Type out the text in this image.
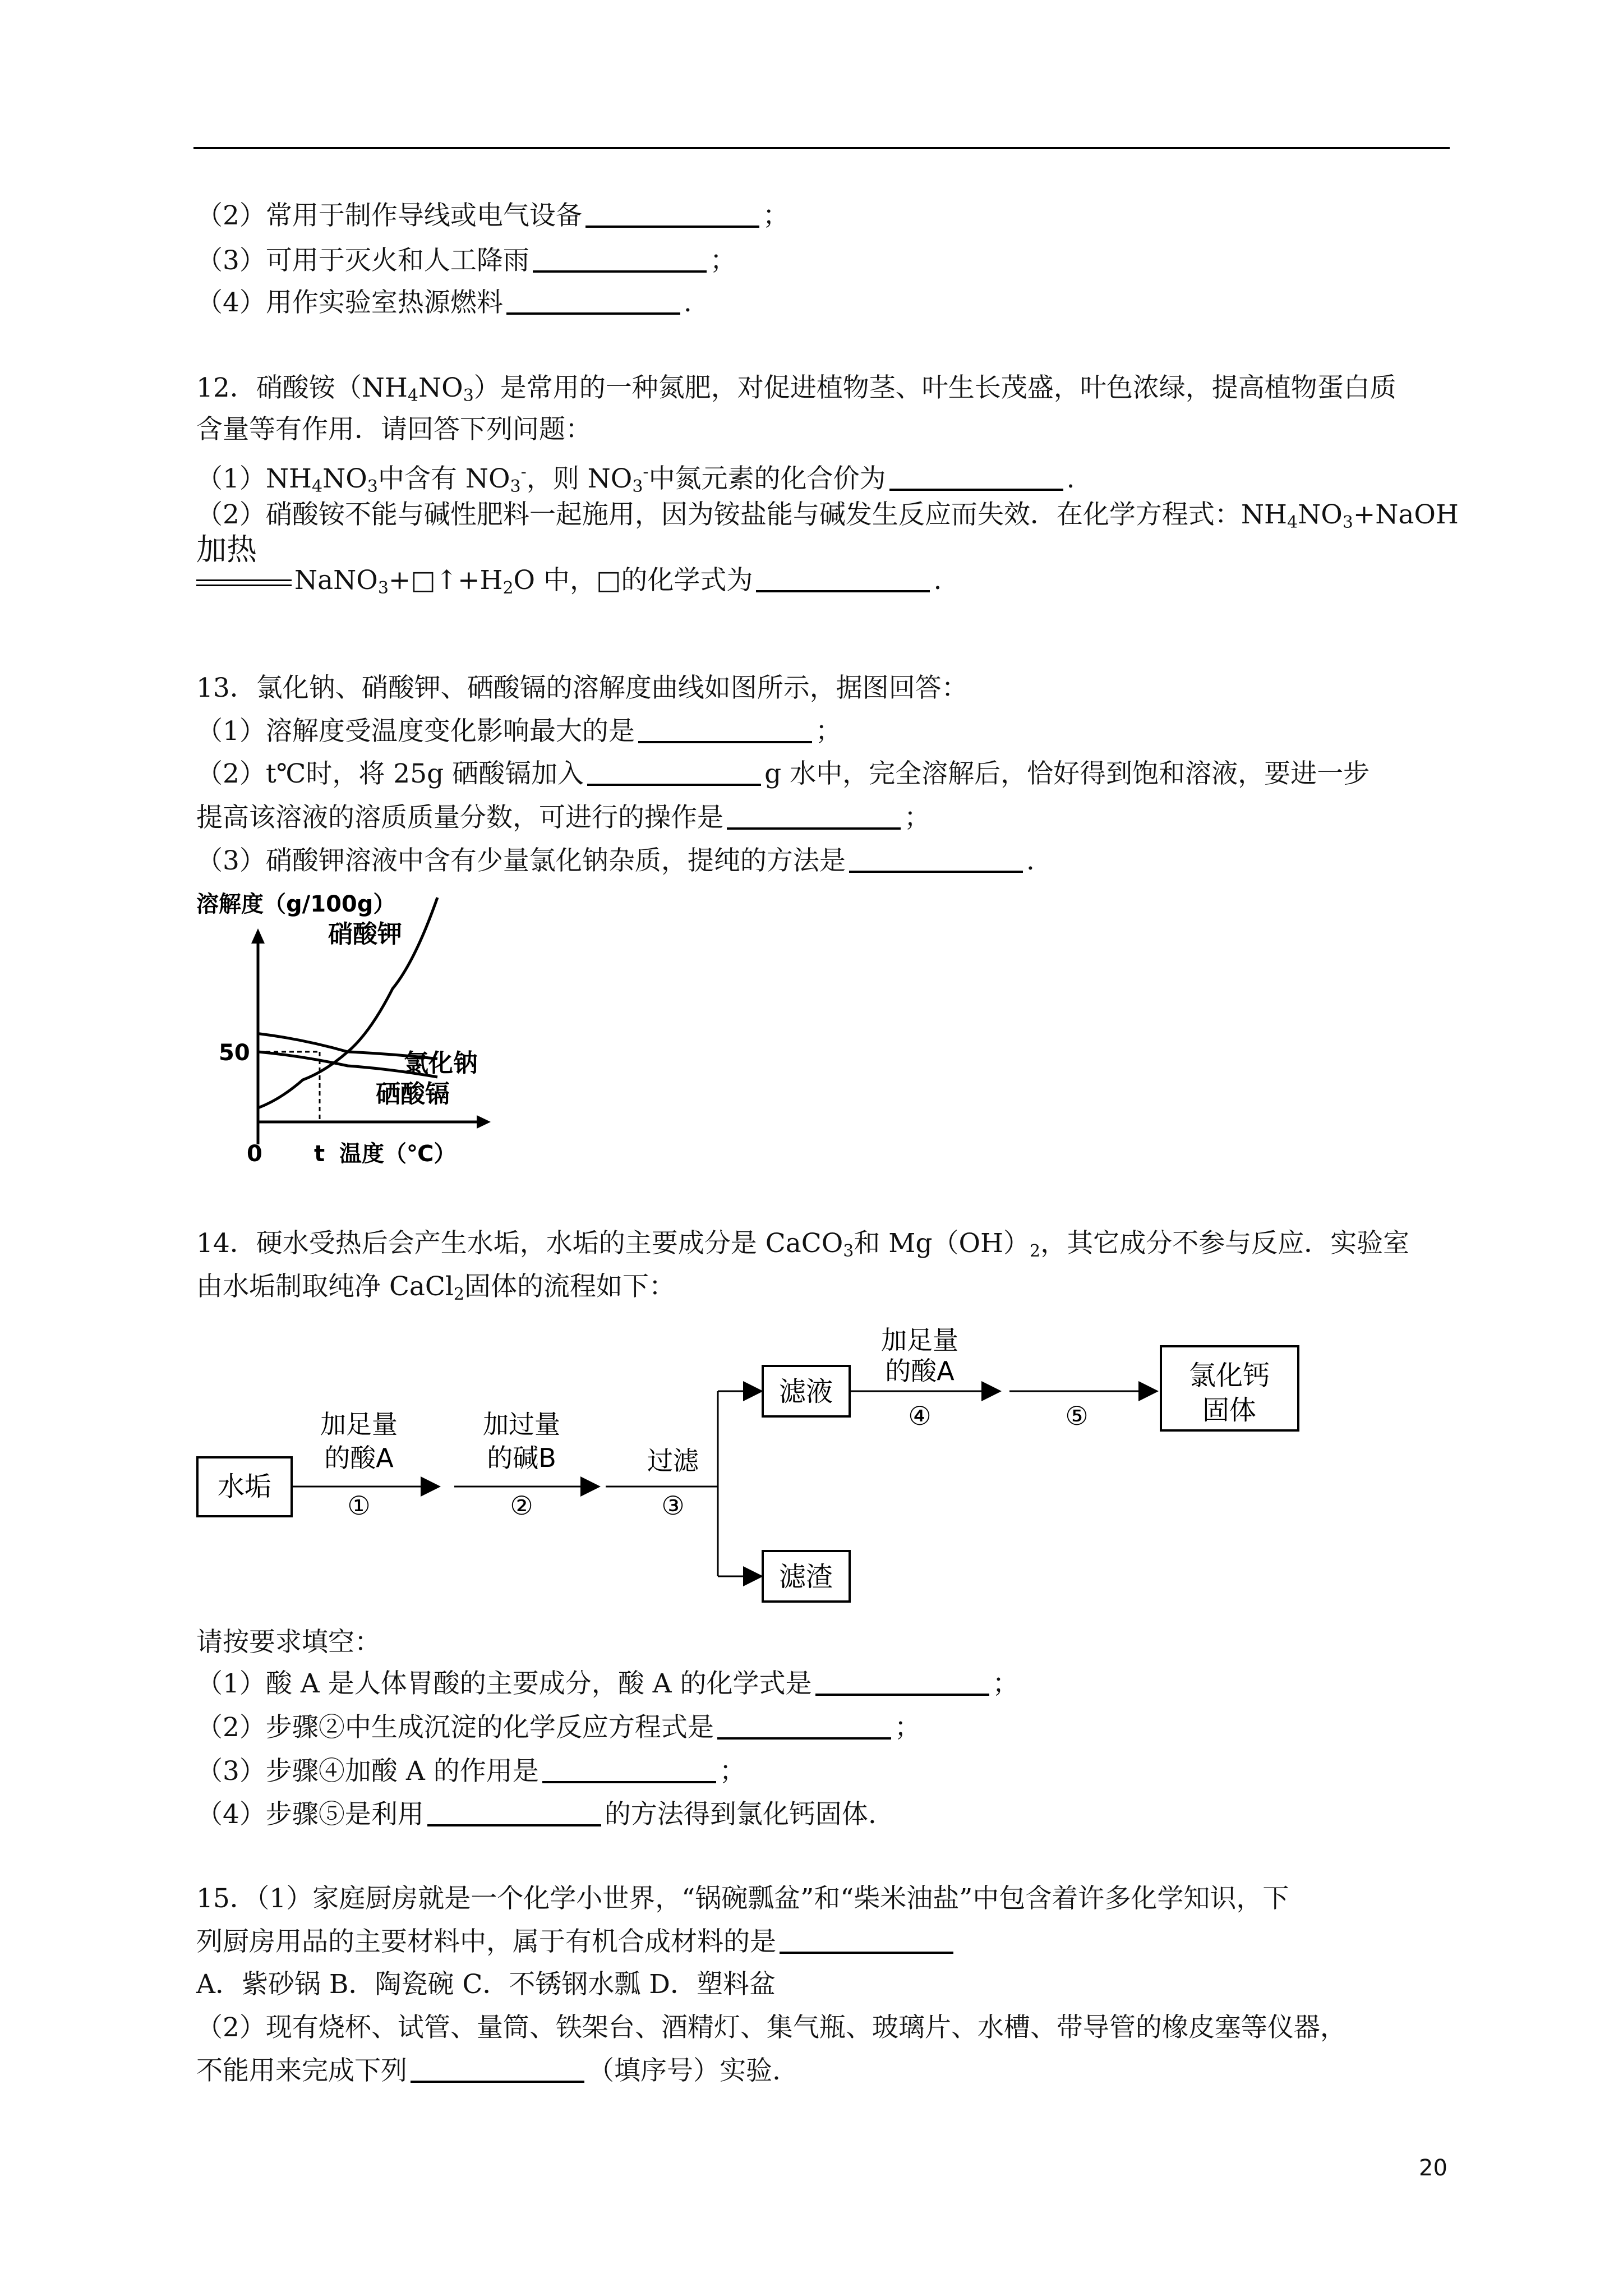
（2）常用于制作导线或电气设备	；
（3）可用于灭火和人工降雨	；
（4）用作实验室热源燃料	.
12．硝酸铵$(NH_4NO_3)$是常用的一种氮肥，对促进植物茎、叶生长茂盛，叶色浓绿，提高植物蛋白质
含量等有作用．请回答下列问题：
$(1)NH_4NO_3$中含有 $NO_3^-$，则 $NO_3^-$中氮元素的化合价为	.
（2）硝酸铵不能与碱性肥料一起施用，因为铵盐能与碱发生反应而失效．在化学方程式：$NH_4NO_3+NaOH$
加热
$NaNO_3+□↑+H_2O$ 中，□的化学式为	.
13．氯化钠、硝酸钾、硒酸镉的溶解度曲线如图所示，据图回答：
（1）溶解度受温度变化影响最大的是	；
（2）t℃时，将 25g 硒酸镉加入	g 水中，完全溶解后，恰好得到饱和溶液，要进一步
提高该溶液的溶质质量分数，可进行的操作是	；
（3）硝酸钾溶液中含有少量氯化钠杂质，提纯的方法是	.
溶解度（g/100g）
硝酸钾
氯化钠
硒酸镉
50
0 t 温度（℃）
14．硬水受热后会产生水垢，水垢的主要成分是 CaCO$_3$和 $Mg(OH)_2$，其它成分不参与反应．实验室
由水垢制取纯净 CaCl$_2$固体的流程如下：
水垢
加足量
的酸A
①
加过量
的碱B
②
过滤
③
滤液
滤渣
加足量
的酸A
④	⑤
氯化钙
固体
请按要求填空：
（1）酸 A 是人体胃酸的主要成分，酸 A 的化学式是	；
（2）步骤②中生成沉淀的化学反应方程式是	；
（3）步骤④加酸 A 的作用是	；
（4）步骤⑤是利用	的方法得到氯化钙固体.
15．（1）家庭厨房就是一个化学小世界，“锅碗瓢盆”和“柴米油盐”中包含着许多化学知识，下
列厨房用品的主要材料中，属于有机合成材料的是
A．紫砂锅 B．陶瓷碗 C．不锈钢水瓢 D．塑料盆
（2）现有烧杯、试管、量筒、铁架台、酒精灯、集气瓶、玻璃片、水槽、带导管的橡皮塞等仪器，
不能用来完成下列	（填序号）实验.
20
